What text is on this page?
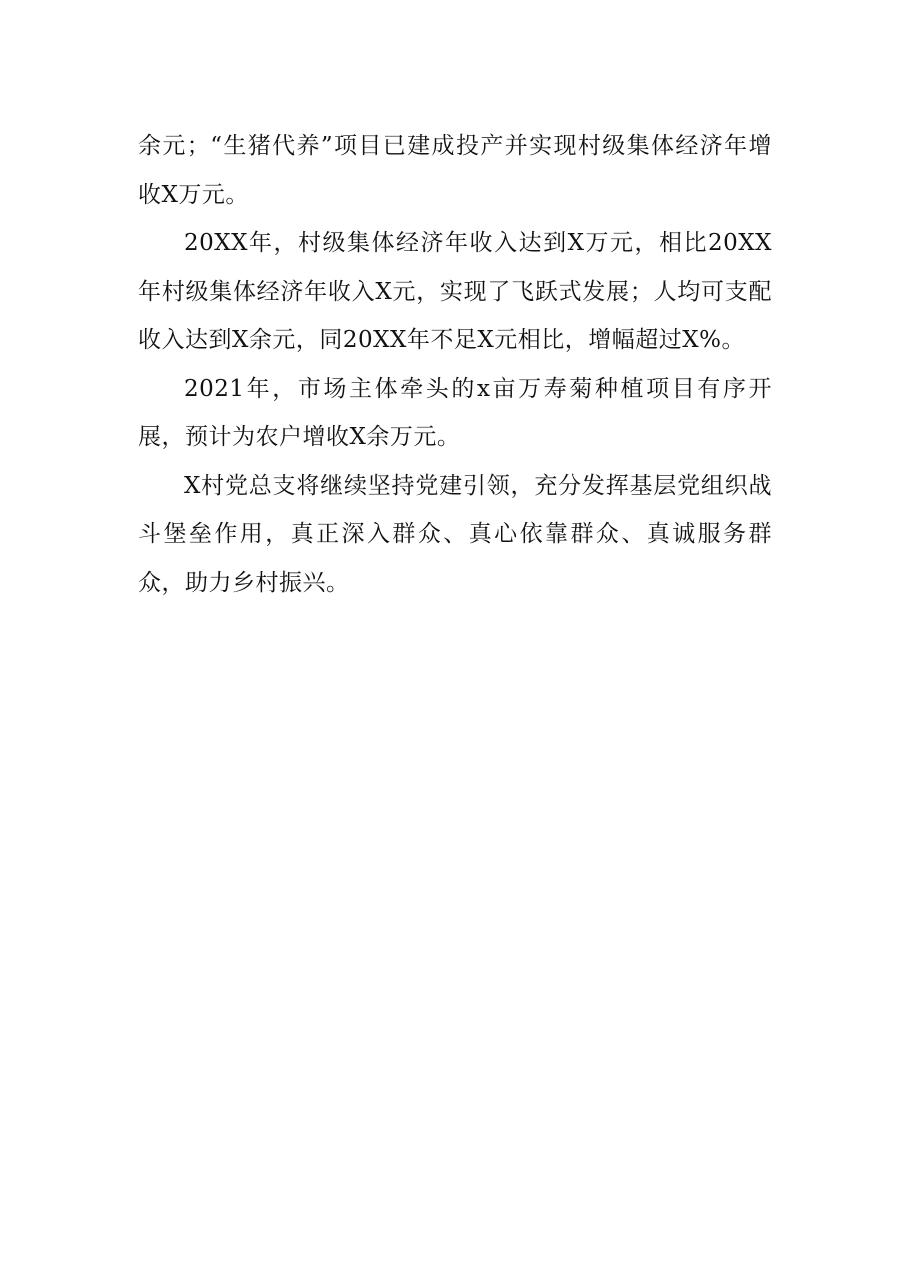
余元；“生猪代养”项目已建成投产并实现村级集体经济年增收X万元。

20XX年，村级集体经济年收入达到X万元，相比20XX年村级集体经济年收入X元，实现了飞跃式发展；人均可支配收入达到X余元，同20XX年不足X元相比，增幅超过X%。

2021年，市场主体牵头的x亩万寿菊种植项目有序开展，预计为农户增收X余万元。

X村党总支将继续坚持党建引领，充分发挥基层党组织战斗堡垒作用，真正深入群众、真心依靠群众、真诚服务群众，助力乡村振兴。
